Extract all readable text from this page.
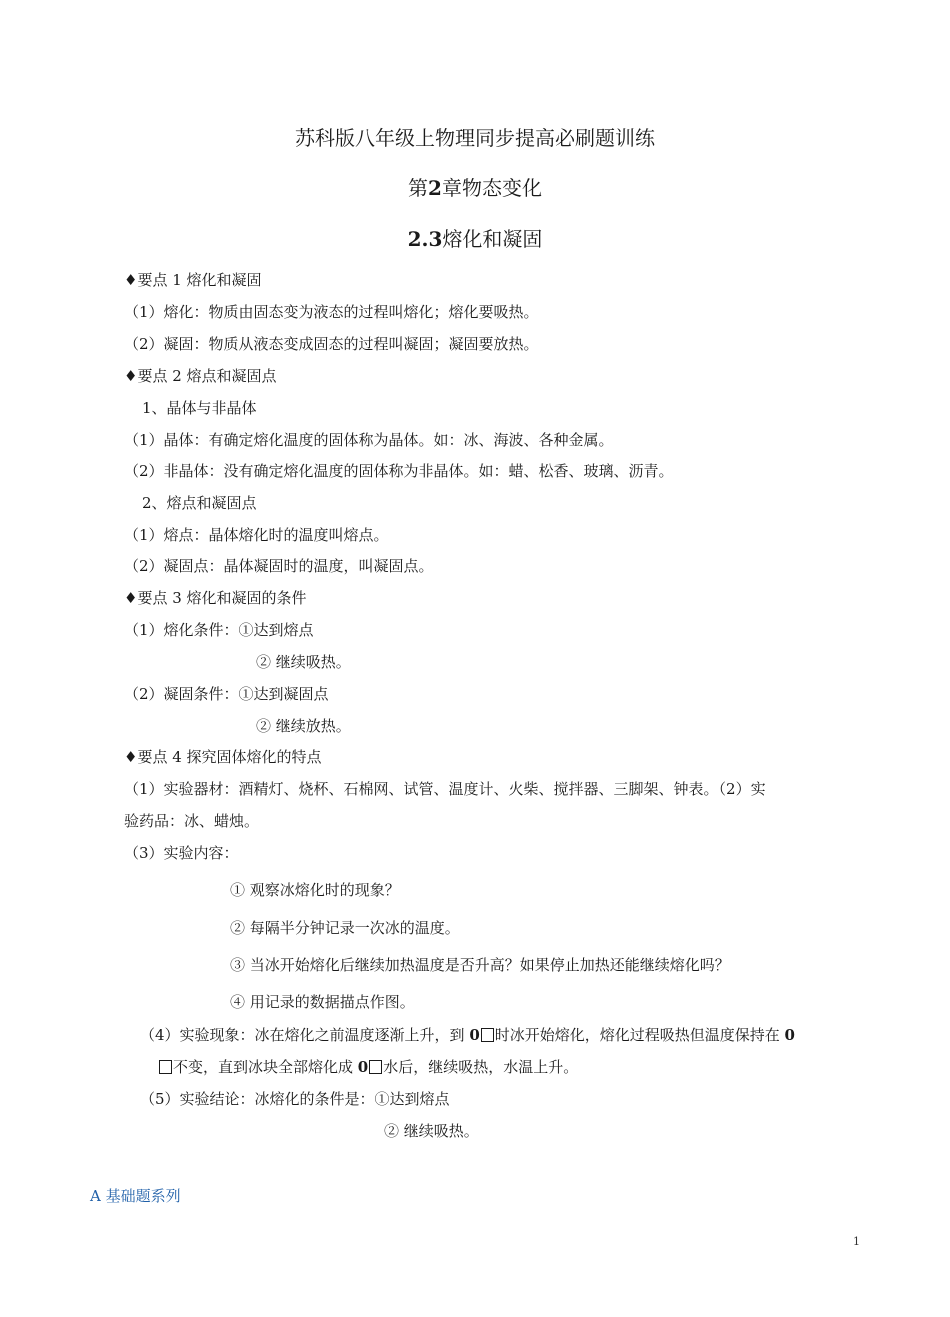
苏科版八年级上物理同步提高必刷题训练
第2章物态变化
2.3熔化和凝固
♦要点 1 熔化和凝固
（1）熔化：物质由固态变为液态的过程叫熔化；熔化要吸热。
（2）凝固：物质从液态变成固态的过程叫凝固；凝固要放热。
♦要点 2 熔点和凝固点
1、晶体与非晶体
（1）晶体：有确定熔化温度的固体称为晶体。如：冰、海波、各种金属。
（2）非晶体：没有确定熔化温度的固体称为非晶体。如：蜡、松香、玻璃、沥青。
2、熔点和凝固点
（1）熔点：晶体熔化时的温度叫熔点。
（2）凝固点：晶体凝固时的温度，叫凝固点。
♦要点 3 熔化和凝固的条件
（1）熔化条件：①达到熔点
② 继续吸热。
（2）凝固条件：①达到凝固点
② 继续放热。
♦要点 4 探究固体熔化的特点
（1）实验器材：酒精灯、烧杯、石棉网、试管、温度计、火柴、搅拌器、三脚架、钟表。（2）实
验药品：冰、蜡烛。
（3）实验内容：
① 观察冰熔化时的现象？
② 每隔半分钟记录一次冰的温度。
③ 当冰开始熔化后继续加热温度是否升高？如果停止加热还能继续熔化吗？
④ 用记录的数据描点作图。
（4）实验现象：冰在熔化之前温度逐渐上升，到 0 时冰开始熔化，熔化过程吸热但温度保持在 0
不变，直到冰块全部熔化成 0 水后，继续吸热，水温上升。
（5）实验结论：冰熔化的条件是：①达到熔点
② 继续吸热。
A 基础题系列
1
